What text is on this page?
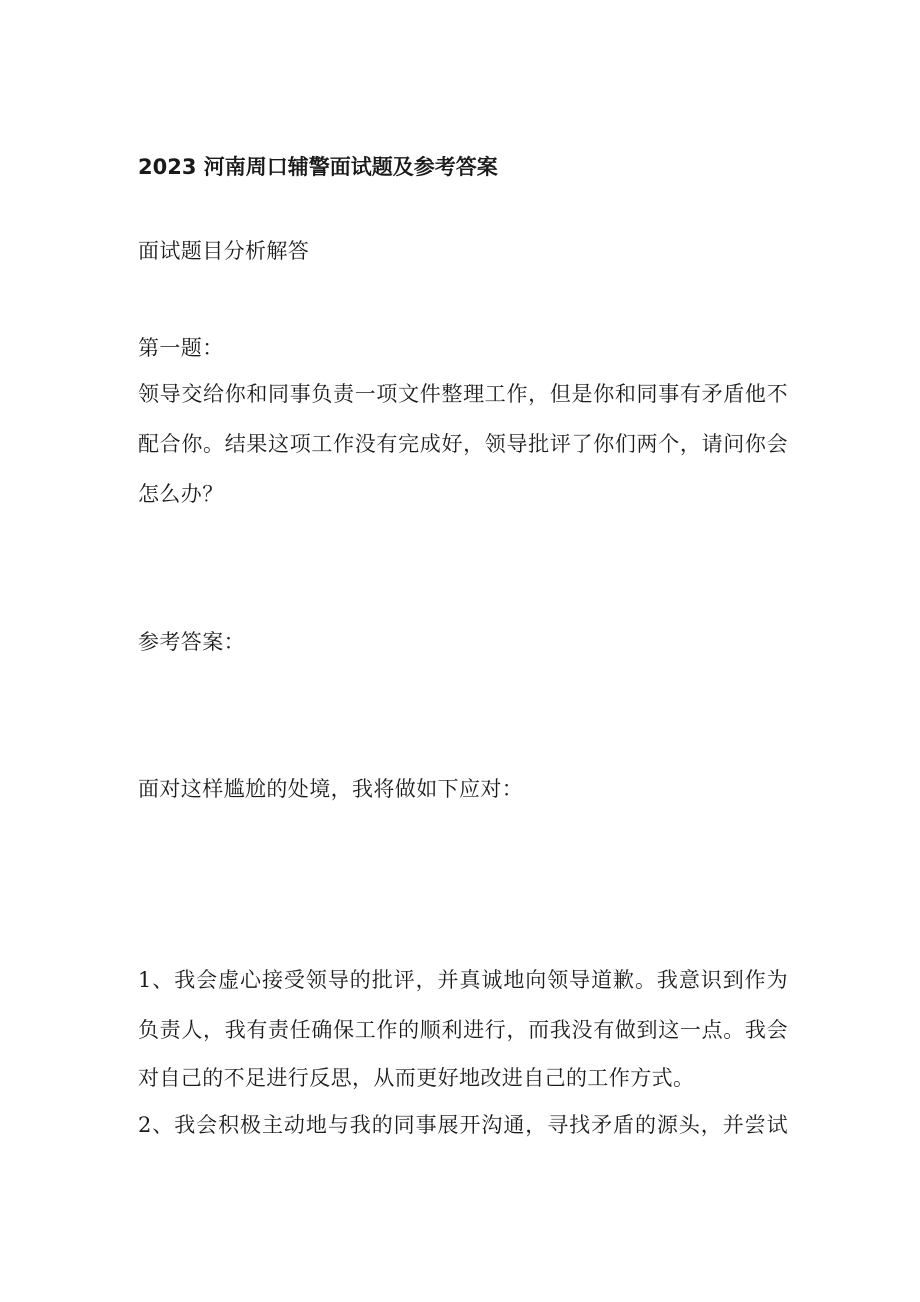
2023 河南周口辅警面试题及参考答案
面试题目分析解答
第一题：
领导交给你和同事负责一项文件整理工作，但是你和同事有矛盾他不
配合你。结果这项工作没有完成好，领导批评了你们两个，请问你会
怎么办？
参考答案：
面对这样尴尬的处境，我将做如下应对：
1、我会虚心接受领导的批评，并真诚地向领导道歉。我意识到作为
负责人，我有责任确保工作的顺利进行，而我没有做到这一点。我会
对自己的不足进行反思，从而更好地改进自己的工作方式。
2、我会积极主动地与我的同事展开沟通，寻找矛盾的源头，并尝试
